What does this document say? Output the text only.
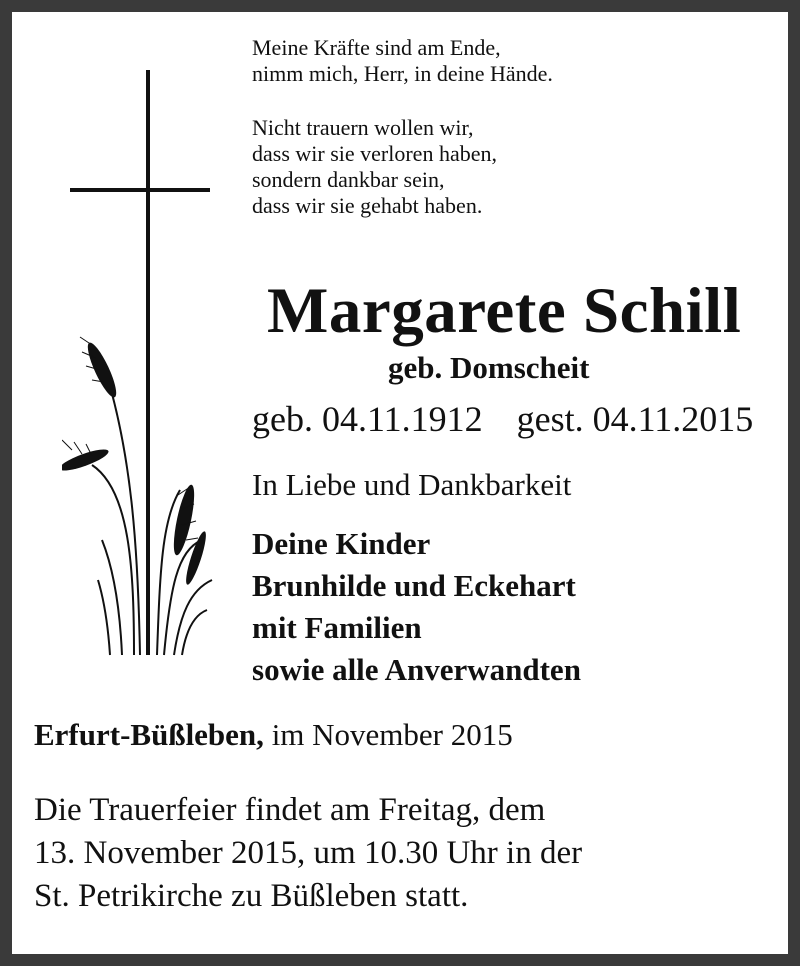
Meine Kräfte sind am Ende,
nimm mich, Herr, in deine Hände.
Nicht trauern wollen wir,
dass wir sie verloren haben,
sondern dankbar sein,
dass wir sie gehabt haben.
Margarete Schill
geb. Domscheit
geb. 04.11.1912 gest. 04.11.2015
In Liebe und Dankbarkeit
Deine Kinder
Brunhilde und Eckehart
mit Familien
sowie alle Anverwandten
Erfurt-Büßleben, im November 2015
Die Trauerfeier findet am Freitag, dem
13. November 2015, um 10.30 Uhr in der
St. Petrikirche zu Büßleben statt.
